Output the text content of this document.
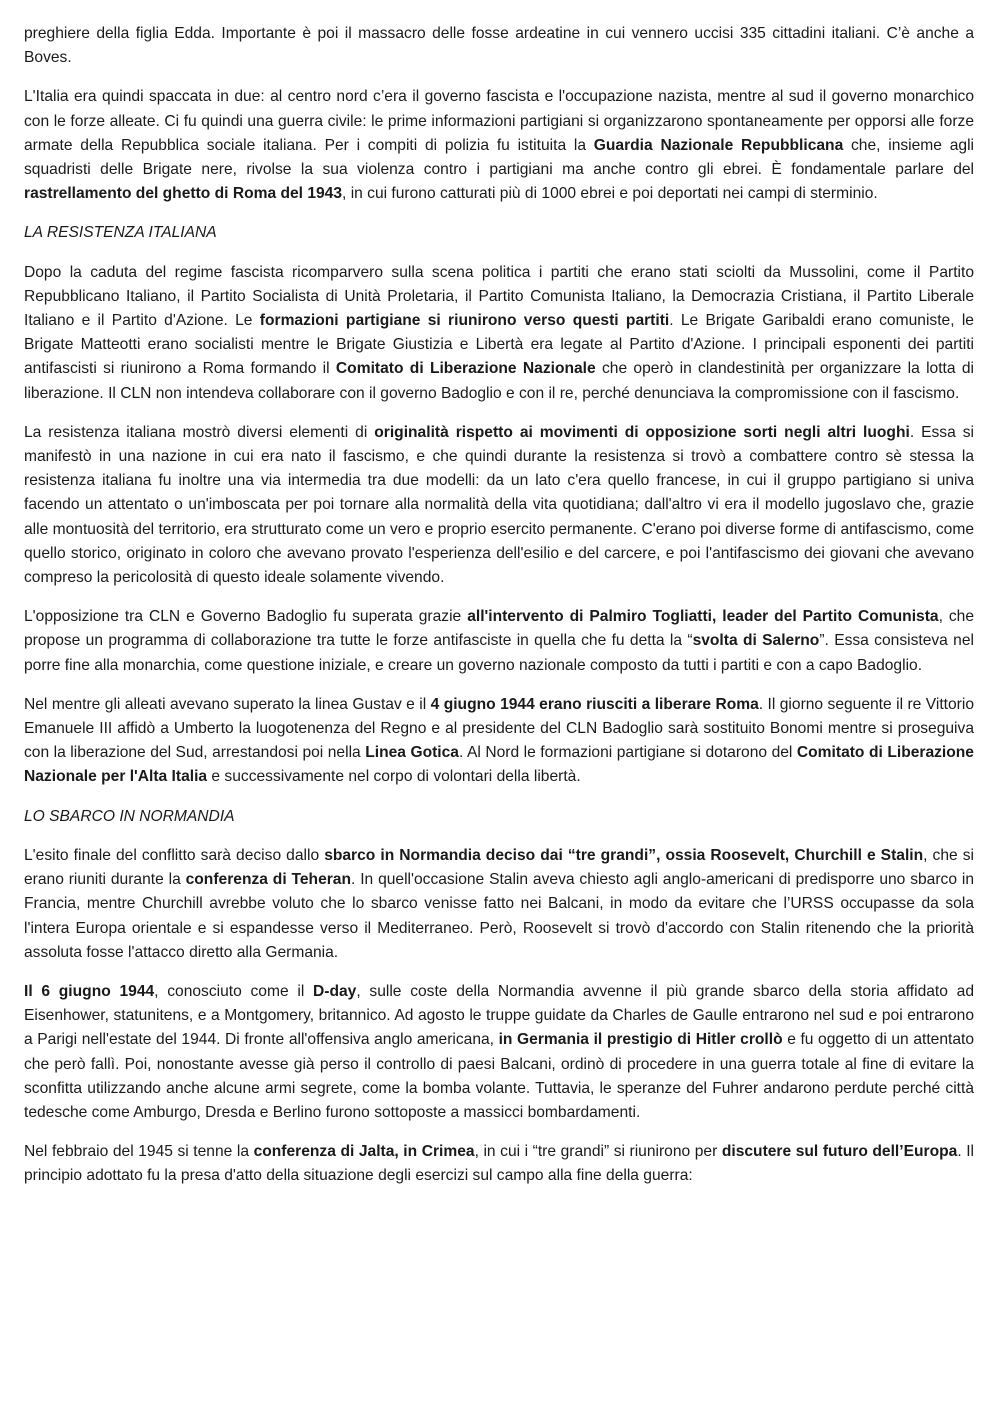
preghiere della figlia Edda. Importante è poi il massacro delle fosse ardeatine in cui vennero uccisi 335 cittadini italiani. C’è anche a Boves.

L'Italia era quindi spaccata in due: al centro nord c’era il governo fascista e l'occupazione nazista, mentre al sud il governo monarchico con le forze alleate. Ci fu quindi una guerra civile: le prime informazioni partigiani si organizzarono spontaneamente per opporsi alle forze armate della Repubblica sociale italiana. Per i compiti di polizia fu istituita la Guardia Nazionale Repubblicana che, insieme agli squadristi delle Brigate nere, rivolse la sua violenza contro i partigiani ma anche contro gli ebrei. È fondamentale parlare del rastrellamento del ghetto di Roma del 1943, in cui furono catturati più di 1000 ebrei e poi deportati nei campi di sterminio.

LA RESISTENZA ITALIANA

Dopo la caduta del regime fascista ricomparvero sulla scena politica i partiti che erano stati sciolti da Mussolini, come il Partito Repubblicano Italiano, il Partito Socialista di Unità Proletaria, il Partito Comunista Italiano, la Democrazia Cristiana, il Partito Liberale Italiano e il Partito d'Azione. Le formazioni partigiane si riunirono verso questi partiti. Le Brigate Garibaldi erano comuniste, le Brigate Matteotti erano socialisti mentre le Brigate Giustizia e Libertà era legate al Partito d'Azione. I principali esponenti dei partiti antifascisti si riunirono a Roma formando il Comitato di Liberazione Nazionale che operò in clandestinità per organizzare la lotta di liberazione. Il CLN non intendeva collaborare con il governo Badoglio e con il re, perché denunciava la compromissione con il fascismo.

La resistenza italiana mostrò diversi elementi di originalità rispetto ai movimenti di opposizione sorti negli altri luoghi. Essa si manifestò in una nazione in cui era nato il fascismo, e che quindi durante la resistenza si trovò a combattere contro sè stessa la resistenza italiana fu inoltre una via intermedia tra due modelli: da un lato c'era quello francese, in cui il gruppo partigiano si univa facendo un attentato o un'imboscata per poi tornare alla normalità della vita quotidiana; dall'altro vi era il modello jugoslavo che, grazie alle montuosità del territorio, era strutturato come un vero e proprio esercito permanente. C'erano poi diverse forme di antifascismo, come quello storico, originato in coloro che avevano provato l'esperienza dell'esilio e del carcere, e poi l'antifascismo dei giovani che avevano compreso la pericolosità di questo ideale solamente vivendo.

L'opposizione tra CLN e Governo Badoglio fu superata grazie all'intervento di Palmiro Togliatti, leader del Partito Comunista, che propose un programma di collaborazione tra tutte le forze antifasciste in quella che fu detta la “svolta di Salerno”. Essa consisteva nel porre fine alla monarchia, come questione iniziale, e creare un governo nazionale composto da tutti i partiti e con a capo Badoglio.

Nel mentre gli alleati avevano superato la linea Gustav e il 4 giugno 1944 erano riusciti a liberare Roma. Il giorno seguente il re Vittorio Emanuele III affidò a Umberto la luogotenenza del Regno e al presidente del CLN Badoglio sarà sostituito Bonomi mentre si proseguiva con la liberazione del Sud, arrestandosi poi nella Linea Gotica. Al Nord le formazioni partigiane si dotarono del Comitato di Liberazione Nazionale per l'Alta Italia e successivamente nel corpo di volontari della libertà.

LO SBARCO IN NORMANDIA

L'esito finale del conflitto sarà deciso dallo sbarco in Normandia deciso dai “tre grandi”, ossia Roosevelt, Churchill e Stalin, che si erano riuniti durante la conferenza di Teheran. In quell'occasione Stalin aveva chiesto agli anglo-americani di predisporre uno sbarco in Francia, mentre Churchill avrebbe voluto che lo sbarco venisse fatto nei Balcani, in modo da evitare che l’URSS occupasse da sola l'intera Europa orientale e si espandesse verso il Mediterraneo. Però, Roosevelt si trovò d'accordo con Stalin ritenendo che la priorità assoluta fosse l'attacco diretto alla Germania.

Il 6 giugno 1944, conosciuto come il D-day, sulle coste della Normandia avvenne il più grande sbarco della storia affidato ad Eisenhower, statunitens, e a Montgomery, britannico. Ad agosto le truppe guidate da Charles de Gaulle entrarono nel sud e poi entrarono a Parigi nell'estate del 1944. Di fronte all'offensiva anglo americana, in Germania il prestigio di Hitler crollò e fu oggetto di un attentato che però fallì. Poi, nonostante avesse già perso il controllo di paesi Balcani, ordinò di procedere in una guerra totale al fine di evitare la sconfitta utilizzando anche alcune armi segrete, come la bomba volante. Tuttavia, le speranze del Fuhrer andarono perdute perché città tedesche come Amburgo, Dresda e Berlino furono sottoposte a massicci bombardamenti.

Nel febbraio del 1945 si tenne la conferenza di Jalta, in Crimea, in cui i “tre grandi” si riunirono per discutere sul futuro dell’Europa. Il principio adottato fu la presa d'atto della situazione degli esercizi sul campo alla fine della guerra:
